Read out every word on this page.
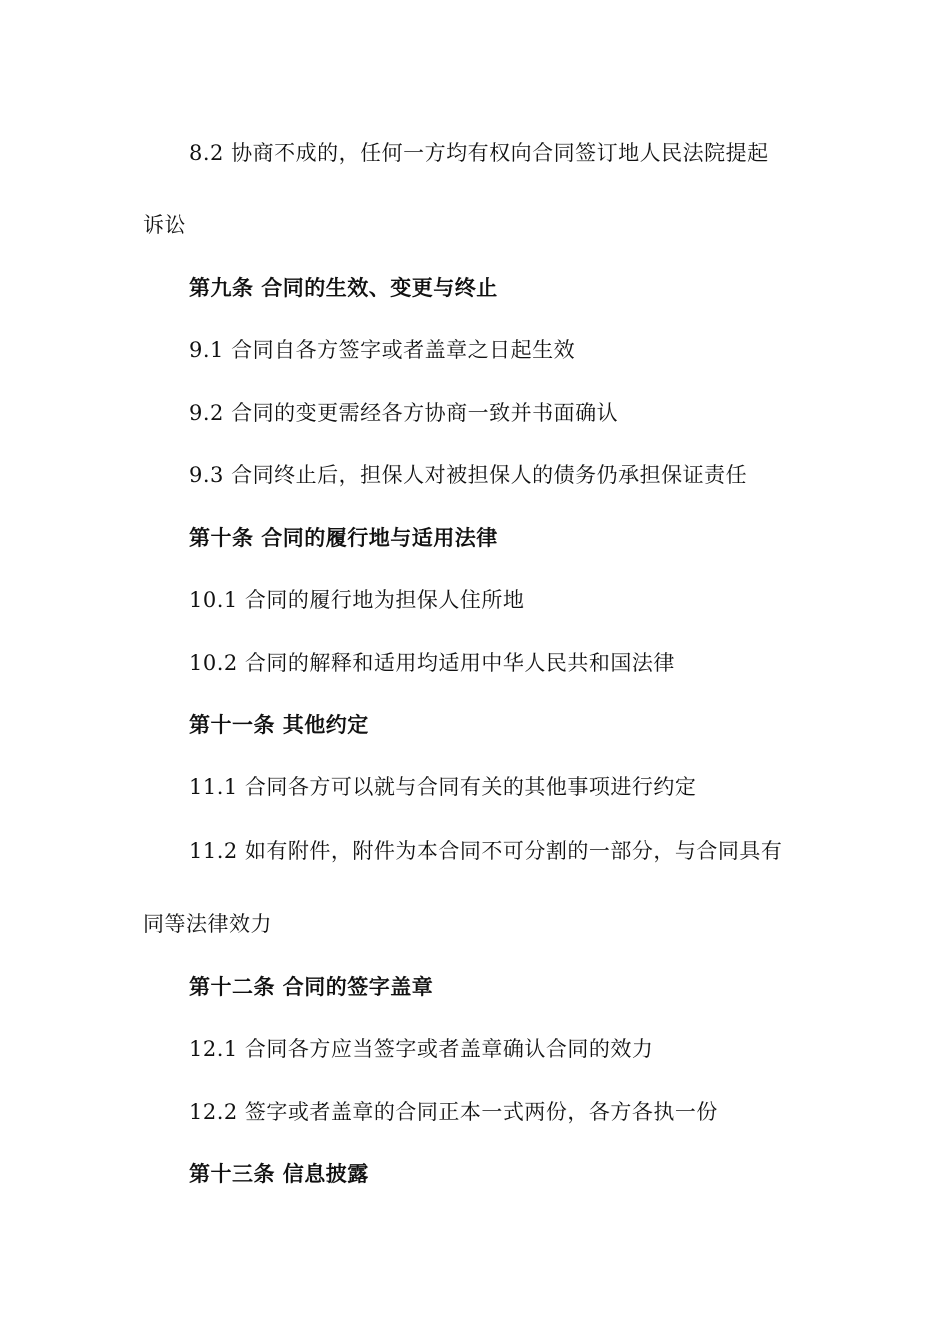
8.2 协商不成的，任何一方均有权向合同签订地人民法院提起
诉讼
第九条 合同的生效、变更与终止
9.1 合同自各方签字或者盖章之日起生效
9.2 合同的变更需经各方协商一致并书面确认
9.3 合同终止后，担保人对被担保人的债务仍承担保证责任
第十条 合同的履行地与适用法律
10.1 合同的履行地为担保人住所地
10.2 合同的解释和适用均适用中华人民共和国法律
第十一条 其他约定
11.1 合同各方可以就与合同有关的其他事项进行约定
11.2 如有附件，附件为本合同不可分割的一部分，与合同具有
同等法律效力
第十二条 合同的签字盖章
12.1 合同各方应当签字或者盖章确认合同的效力
12.2 签字或者盖章的合同正本一式两份，各方各执一份
第十三条 信息披露
